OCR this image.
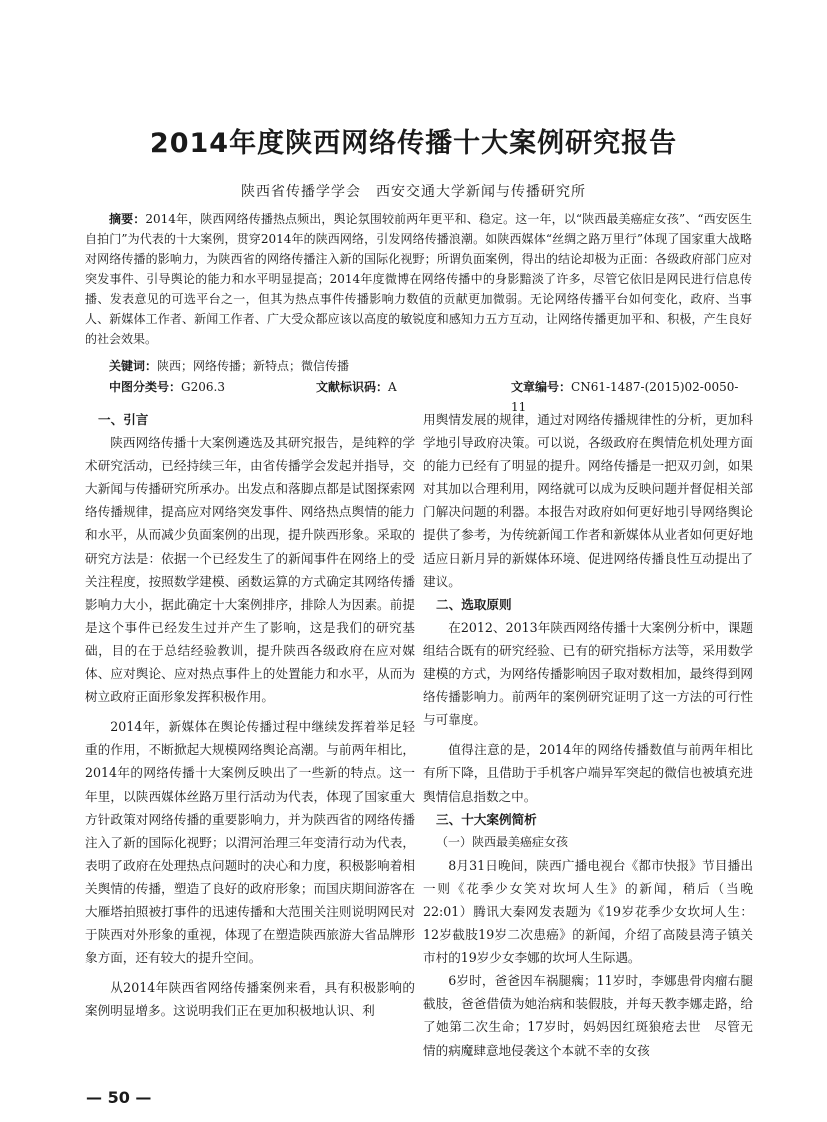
2014年度陕西网络传播十大案例研究报告
陕西省传播学学会　西安交通大学新闻与传播研究所

摘要：2014年，陕西网络传播热点频出，舆论氛围较前两年更平和、稳定。这一年，以“陕西最美癌症女孩”、“西安医生自拍门”为代表的十大案例，贯穿2014年的陕西网络，引发网络传播浪潮。如陕西媒体“丝绸之路万里行”体现了国家重大战略对网络传播的影响力，为陕西省的网络传播注入新的国际化视野；所谓负面案例，得出的结论却极为正面：各级政府部门应对突发事件、引导舆论的能力和水平明显提高；2014年度微博在网络传播中的身影黯淡了许多，尽管它依旧是网民进行信息传播、发表意见的可选平台之一，但其为热点事件传播影响力数值的贡献更加微弱。无论网络传播平台如何变化，政府、当事人、新媒体工作者、新闻工作者、广大受众都应该以高度的敏锐度和感知力五方互动，让网络传播更加平和、积极，产生良好的社会效果。

关键词：陕西；网络传播；新特点；微信传播

中图分类号：G206.3	文献标识码：A	文章编号：CN61-1487-(2015)02-0050-11
一、引言

陕西网络传播十大案例遴选及其研究报告，是纯粹的学术研究活动，已经持续三年，由省传播学会发起并指导，交大新闻与传播研究所承办。出发点和落脚点都是试图探索网络传播规律，提高应对网络突发事件、网络热点舆情的能力和水平，从而减少负面案例的出现，提升陕西形象。采取的研究方法是：依据一个已经发生了的新闻事件在网络上的受关注程度，按照数学建模、函数运算的方式确定其网络传播影响力大小，据此确定十大案例排序，排除人为因素。前提是这个事件已经发生过并产生了影响，这是我们的研究基础，目的在于总结经验教训，提升陕西各级政府在应对媒体、应对舆论、应对热点事件上的处置能力和水平，从而为树立政府正面形象发挥积极作用。

2014年，新媒体在舆论传播过程中继续发挥着举足轻重的作用，不断掀起大规模网络舆论高潮。与前两年相比，2014年的网络传播十大案例反映出了一些新的特点。这一年里，以陕西媒体丝路万里行活动为代表，体现了国家重大方针政策对网络传播的重要影响力，并为陕西省的网络传播注入了新的国际化视野；以渭河治理三年变清行动为代表，表明了政府在处理热点问题时的决心和力度，积极影响着相关舆情的传播，塑造了良好的政府形象；而国庆期间游客在大雁塔拍照被打事件的迅速传播和大范围关注则说明网民对于陕西对外形象的重视，体现了在塑造陕西旅游大省品牌形象方面，还有较大的提升空间。

从2014年陕西省网络传播案例来看，具有积极影响的案例明显增多。这说明我们正在更加积极地认识、利

用舆情发展的规律，通过对网络传播规律性的分析，更加科学地引导政府决策。可以说，各级政府在舆情危机处理方面的能力已经有了明显的提升。网络传播是一把双刃剑，如果对其加以合理利用，网络就可以成为反映问题并督促相关部门解决问题的利器。本报告对政府如何更好地引导网络舆论提供了参考，为传统新闻工作者和新媒体从业者如何更好地适应日新月异的新媒体环境、促进网络传播良性互动提出了建议。

二、选取原则

在2012、2013年陕西网络传播十大案例分析中，课题组结合既有的研究经验、已有的研究指标方法等，采用数学建模的方式，为网络传播影响因子取对数相加，最终得到网络传播影响力。前两年的案例研究证明了这一方法的可行性与可靠度。

值得注意的是，2014年的网络传播数值与前两年相比有所下降，且借助于手机客户端异军突起的微信也被填充进舆情信息指数之中。

三、十大案例简析
（一）陕西最美癌症女孩

8月31日晚间，陕西广播电视台《都市快报》节目播出一则《花季少女笑对坎坷人生》的新闻，稍后（当晚22:01）腾讯大秦网发表题为《19岁花季少女坎坷人生：12岁截肢19岁二次患癌》的新闻，介绍了高陵县湾子镇关市村的19岁少女李娜的坎坷人生际遇。

6岁时，爸爸因车祸腿瘸；11岁时，李娜患骨肉瘤右腿截肢，爸爸借债为她治病和装假肢，并每天教李娜走路，给了她第二次生命；17岁时，妈妈因红斑狼疮去世　尽管无情的病魔肆意地侵袭这个本就不幸的女孩

— 50 —
